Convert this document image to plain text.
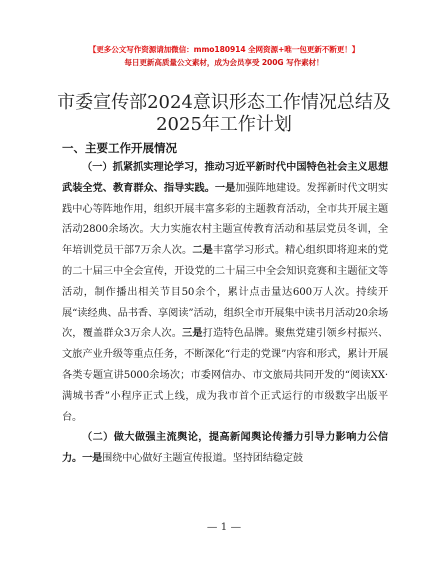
【更多公文写作资源请加微信：mmo180914 全网资源+唯一包更新不断更！】
每日更新高质量公文素材，成为会员享受 200G 写作素材！
市委宣传部2024意识形态工作情况总结及2025年工作计划
一、主要工作开展情况

（一）抓紧抓实理论学习，推动习近平新时代中国特色社会主义思想武装全党、教育群众、指导实践。一是加强阵地建设。发挥新时代文明实践中心等阵地作用，组织开展丰富多彩的主题教育活动，全市共开展主题活动2800余场次。大力实施农村主题宣传教育活动和基层党员冬训，全年培训党员干部7万余人次。二是丰富学习形式。精心组织即将迎来的党的二十届三中全会宣传，开设党的二十届三中全会知识竞赛和主题征文等活动，制作播出相关节目50余个，累计点击量达600万人次。持续开展“读经典、品书香、享阅读”活动，组织全市开展集中读书月活动20余场次，覆盖群众3万余人次。三是打造特色品牌。聚焦党建引领乡村振兴、文旅产业升级等重点任务，不断深化“行走的党课”内容和形式，累计开展各类专题宣讲5000余场次；市委网信办、市文旅局共同开发的“阅读XX·满城书香”小程序正式上线，成为我市首个正式运行的市级数字出版平台。

（二）做大做强主流舆论，提高新闻舆论传播力引导力影响力公信力。一是围绕中心做好主题宣传报道。坚持团结稳定鼓

— 1 —
